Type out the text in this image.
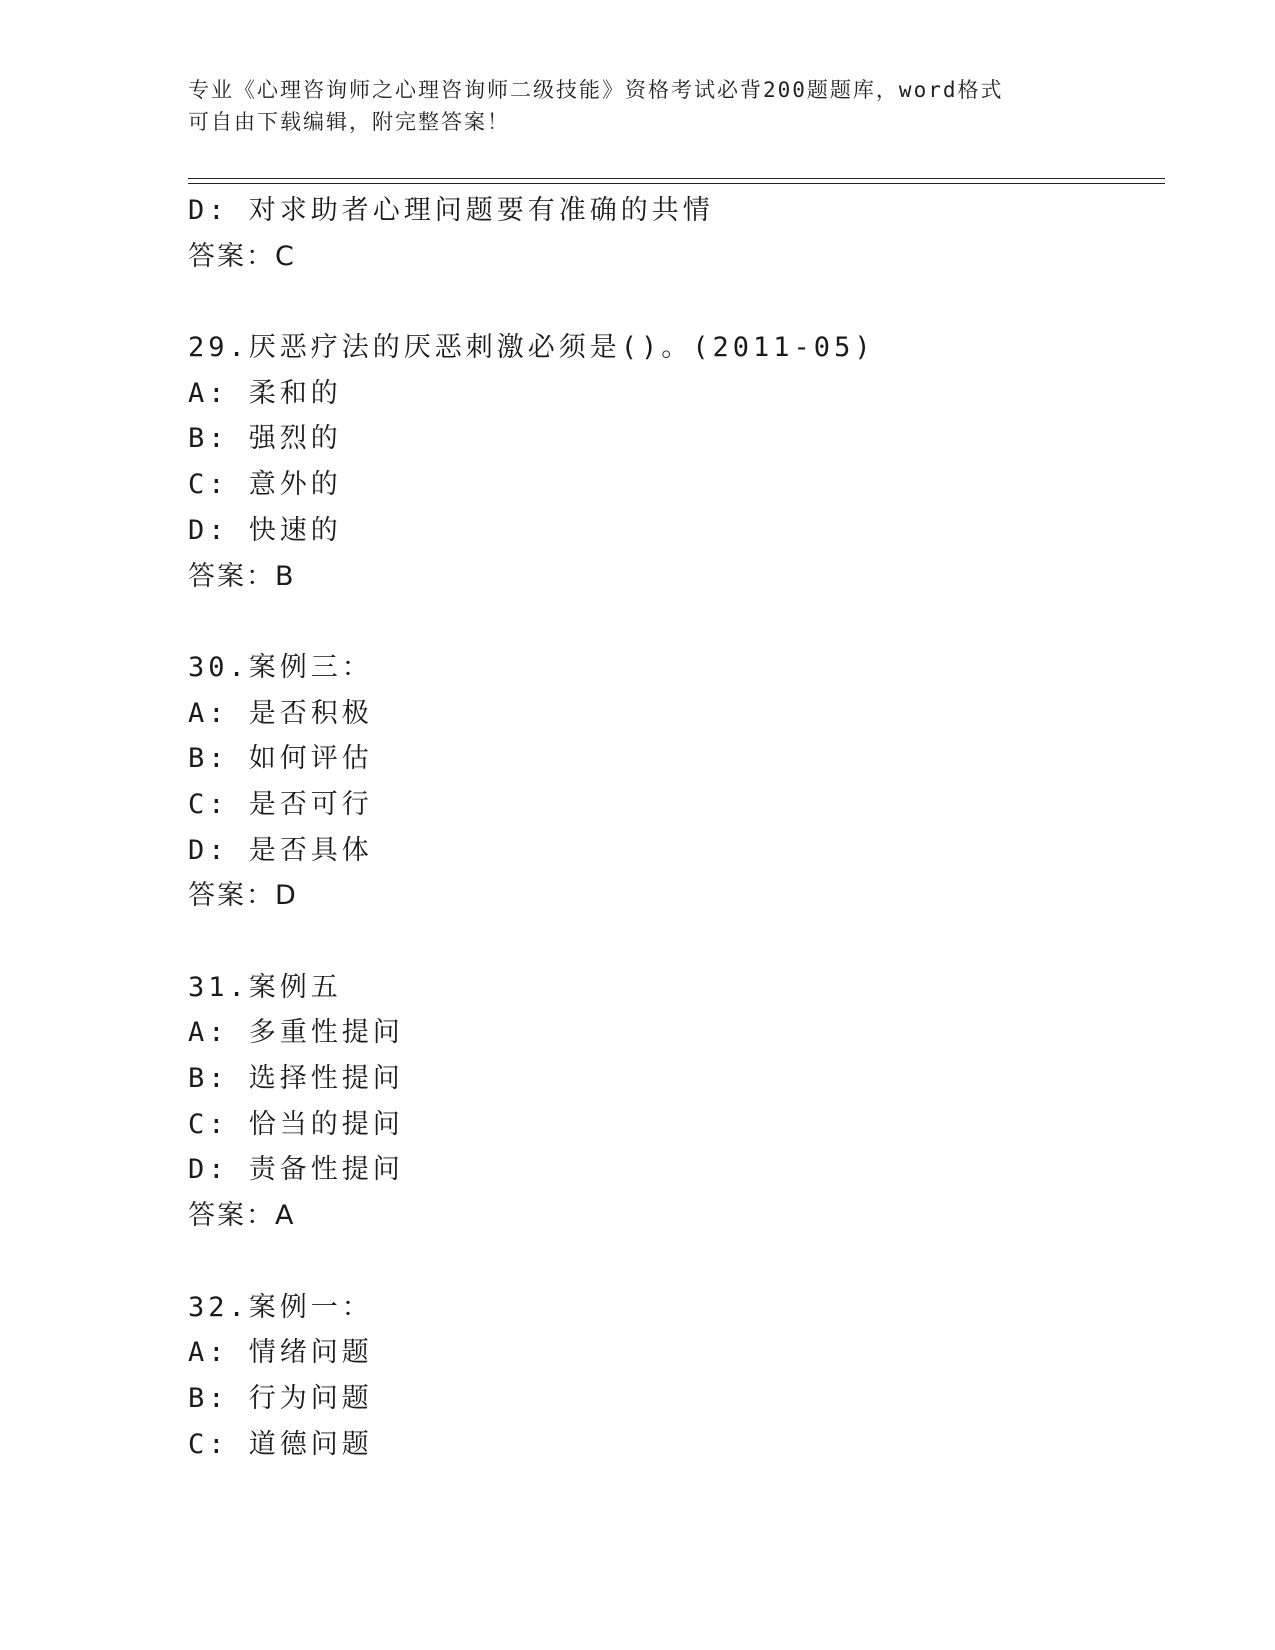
专业《心理咨询师之心理咨询师二级技能》资格考试必背200题题库，word格式
可自由下载编辑，附完整答案！
D: 对求助者心理问题要有准确的共情
答案：C
29.厌恶疗法的厌恶刺激必须是()。(2011-05)
A: 柔和的
B: 强烈的
C: 意外的
D: 快速的
答案：B
30.案例三：
A: 是否积极
B: 如何评估
C: 是否可行
D: 是否具体
答案：D
31.案例五
A: 多重性提问
B: 选择性提问
C: 恰当的提问
D: 责备性提问
答案：A
32.案例一：
A: 情绪问题
B: 行为问题
C: 道德问题
